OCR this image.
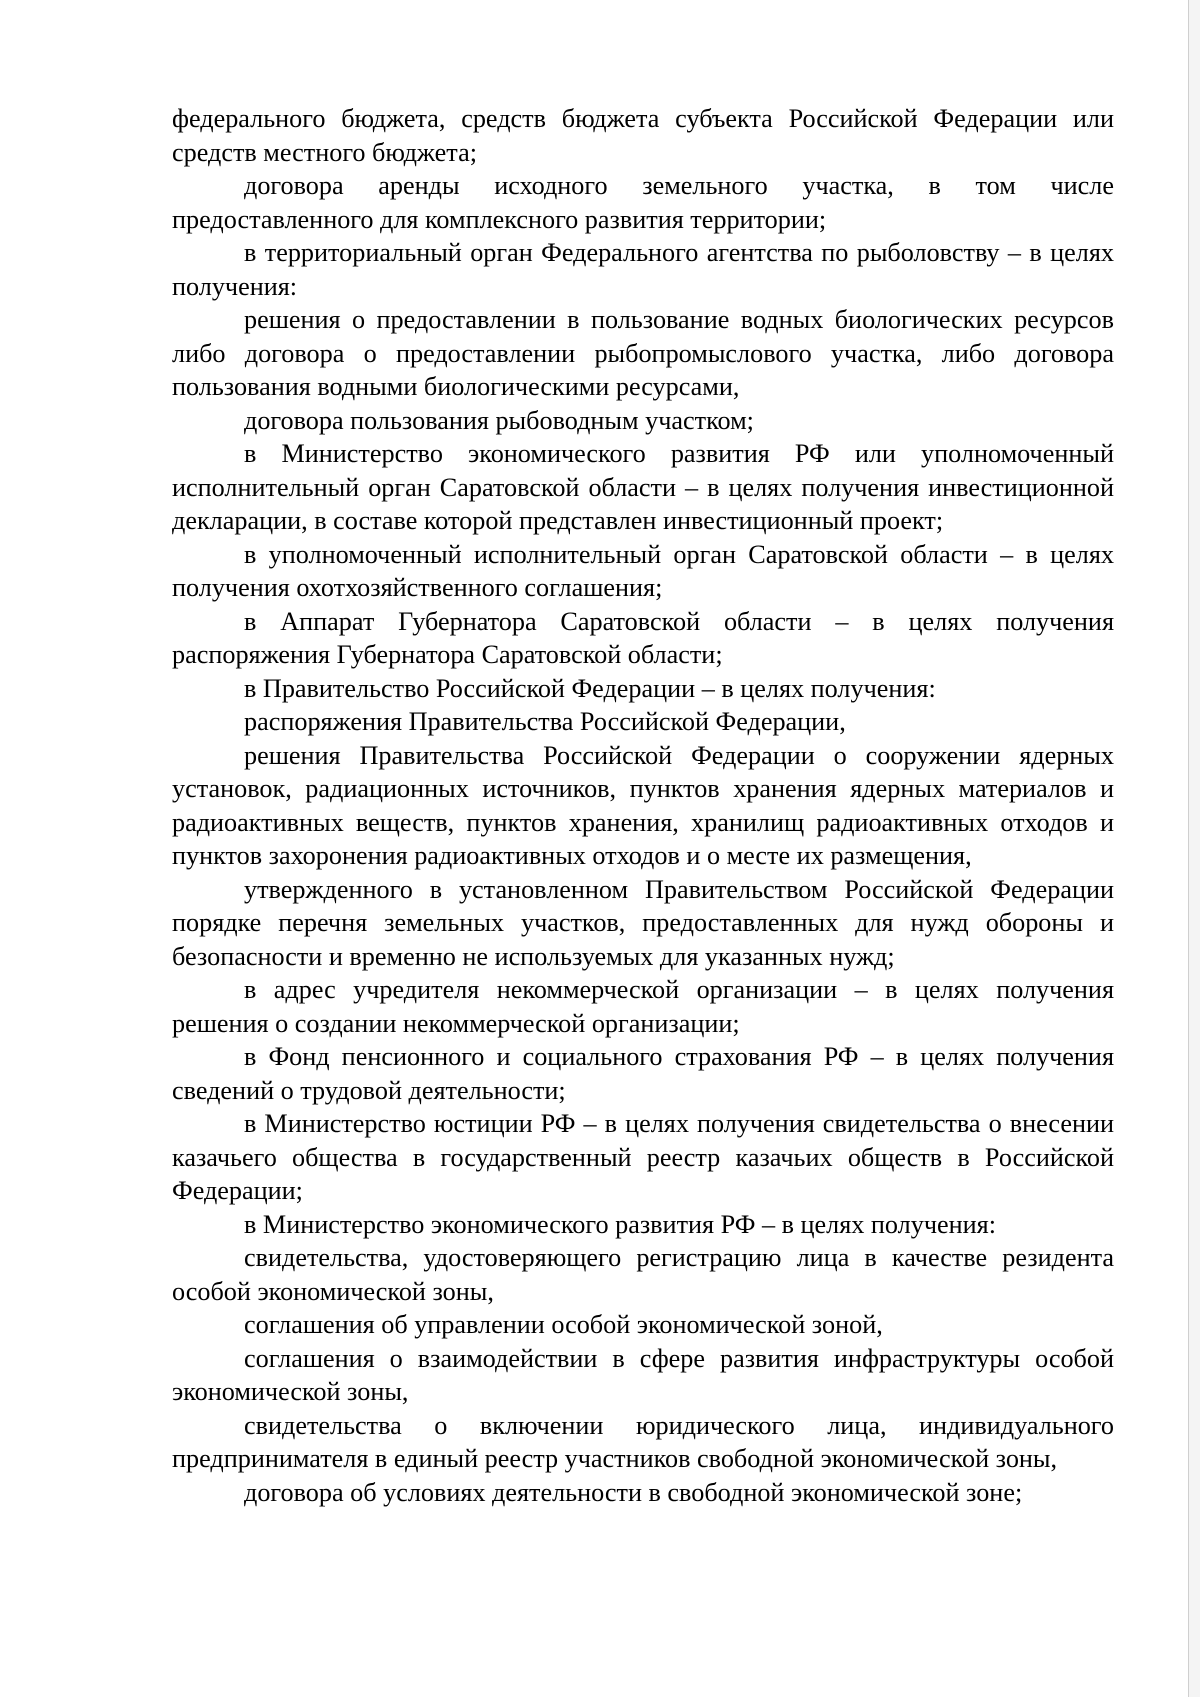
федерального бюджета, средств бюджета субъекта Российской Федерации или средств местного бюджета;

договора аренды исходного земельного участка, в том числе предоставленного для комплексного развития территории;

в территориальный орган Федерального агентства по рыболовству – в целях получения:

решения о предоставлении в пользование водных биологических ресурсов либо договора о предоставлении рыбопромыслового участка, либо договора пользования водными биологическими ресурсами,

договора пользования рыбоводным участком;

в Министерство экономического развития РФ или уполномоченный исполнительный орган Саратовской области – в целях получения инвестиционной декларации, в составе которой представлен инвестиционный проект;

в уполномоченный исполнительный орган Саратовской области – в целях получения охотхозяйственного соглашения;

в Аппарат Губернатора Саратовской области – в целях получения распоряжения Губернатора Саратовской области;

в Правительство Российской Федерации – в целях получения:

распоряжения Правительства Российской Федерации,

решения Правительства Российской Федерации о сооружении ядерных установок, радиационных источников, пунктов хранения ядерных материалов и радиоактивных веществ, пунктов хранения, хранилищ радиоактивных отходов и пунктов захоронения радиоактивных отходов и о месте их размещения,

утвержденного в установленном Правительством Российской Федерации порядке перечня земельных участков, предоставленных для нужд обороны и безопасности и временно не используемых для указанных нужд;

в адрес учредителя некоммерческой организации – в целях получения решения о создании некоммерческой организации;

в Фонд пенсионного и социального страхования РФ – в целях получения сведений о трудовой деятельности;

в Министерство юстиции РФ – в целях получения свидетельства о внесении казачьего общества в государственный реестр казачьих обществ в Российской Федерации;

в Министерство экономического развития РФ – в целях получения:

свидетельства, удостоверяющего регистрацию лица в качестве резидента особой экономической зоны,

соглашения об управлении особой экономической зоной,

соглашения о взаимодействии в сфере развития инфраструктуры особой экономической зоны,

свидетельства о включении юридического лица, индивидуального предпринимателя в единый реестр участников свободной экономической зоны,

договора об условиях деятельности в свободной экономической зоне;
